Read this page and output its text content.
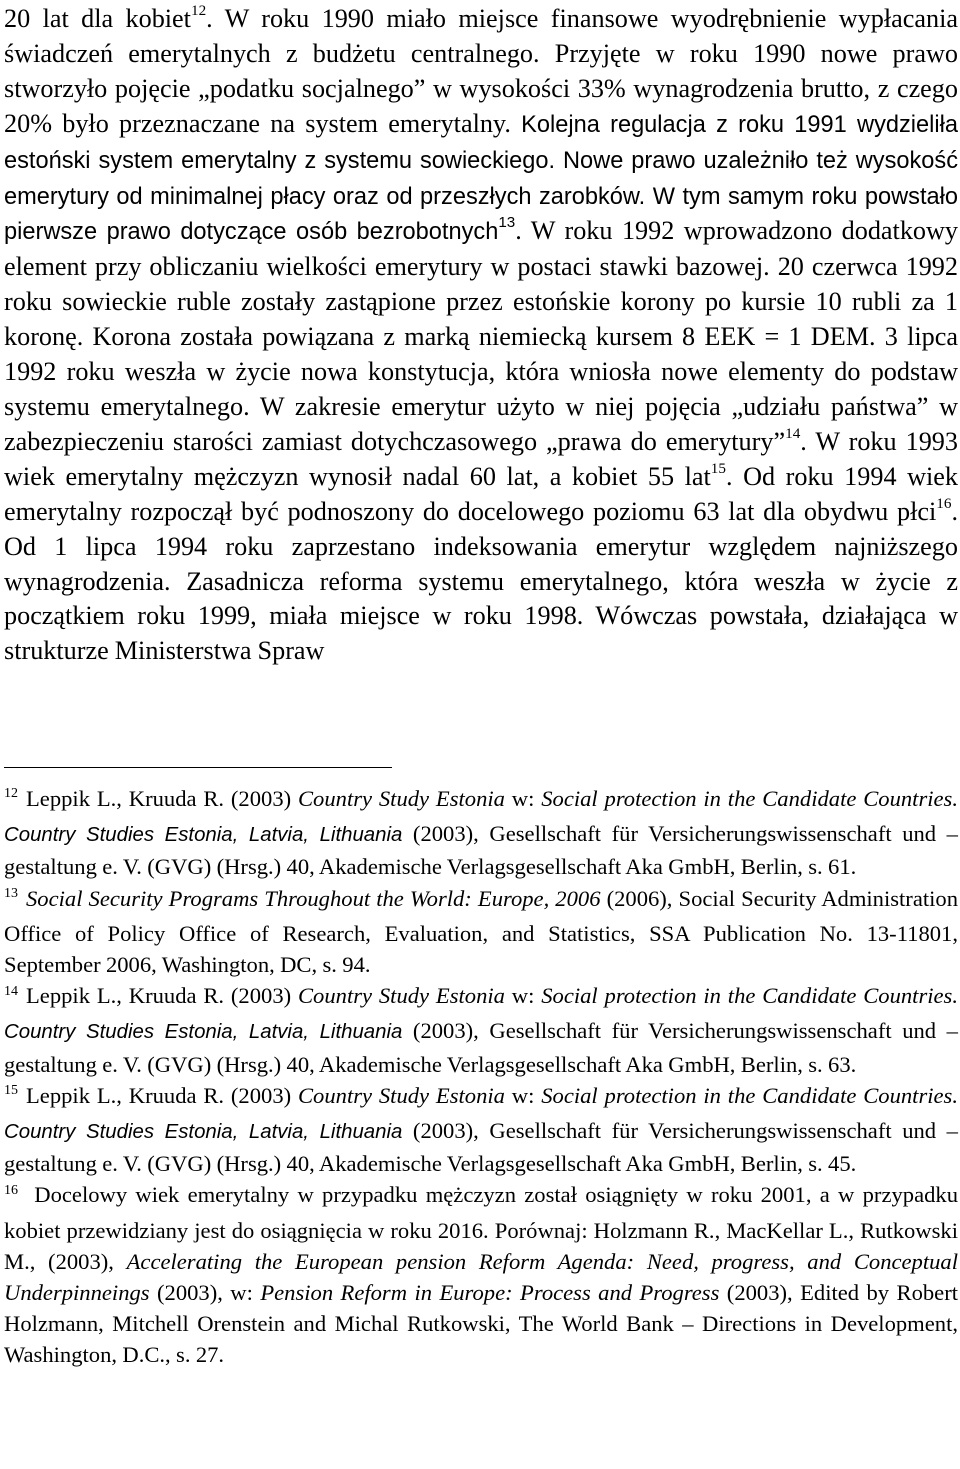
20 lat dla kobiet$^{12}$. W roku 1990 miało miejsce finansowe wyodrębnienie wypłacania świadczeń emerytalnych z budżetu centralnego. Przyjęte w roku 1990 nowe prawo stworzyło pojęcie „podatku socjalnego” w wysokości 33% wynagrodzenia brutto, z czego 20% było przeznaczane na system emerytalny. Kolejna regulacja z roku 1991 wydzieliła estoński system emerytalny z systemu sowieckiego. Nowe prawo uzależniło też wysokość emerytury od minimalnej płacy oraz od przeszłych zarobków. W tym samym roku powstało pierwsze prawo dotyczące osób bezrobotnych$^{13}$. W roku 1992 wprowadzono dodatkowy element przy obliczaniu wielkości emerytury w postaci stawki bazowej. 20 czerwca 1992 roku sowieckie ruble zostały zastąpione przez estońskie korony po kursie 10 rubli za 1 koronę. Korona została powiązana z marką niemiecką kursem 8 EEK = 1 DEM. 3 lipca 1992 roku weszła w życie nowa konstytucja, która wniosła nowe elementy do podstaw systemu emerytalnego. W zakresie emerytur użyto w niej pojęcia „udziału państwa” w zabezpieczeniu starości zamiast dotychczasowego „prawa do emerytury”$^{14}$. W roku 1993 wiek emerytalny mężczyzn wynosił nadal 60 lat, a kobiet 55 lat$^{15}$. Od roku 1994 wiek emerytalny rozpoczął być podnoszony do docelowego poziomu 63 lat dla obydwu płci$^{16}$. Od 1 lipca 1994 roku zaprzestano indeksowania emerytur względem najniższego wynagrodzenia. Zasadnicza reforma systemu emerytalnego, która weszła w życie z początkiem roku 1999, miała miejsce w roku 1998. Wówczas powstała, działająca w strukturze Ministerstwa Spraw

$^{12}$ Leppik L., Kruuda R. (2003) Country Study Estonia w: Social protection in the Candidate Countries. Country Studies Estonia, Latvia, Lithuania (2003), Gesellschaft für Versicherungswissenschaft und – gestaltung e. V. (GVG) (Hrsg.) 40, Akademische Verlagsgesellschaft Aka GmbH, Berlin, s. 61.

$^{13}$ Social Security Programs Throughout the World: Europe, 2006 (2006), Social Security Administration Office of Policy Office of Research, Evaluation, and Statistics, SSA Publication No. 13-11801, September 2006, Washington, DC, s. 94.

$^{14}$ Leppik L., Kruuda R. (2003) Country Study Estonia w: Social protection in the Candidate Countries. Country Studies Estonia, Latvia, Lithuania (2003), Gesellschaft für Versicherungswissenschaft und – gestaltung e. V. (GVG) (Hrsg.) 40, Akademische Verlagsgesellschaft Aka GmbH, Berlin, s. 63.

$^{15}$ Leppik L., Kruuda R. (2003) Country Study Estonia w: Social protection in the Candidate Countries. Country Studies Estonia, Latvia, Lithuania (2003), Gesellschaft für Versicherungswissenschaft und – gestaltung e. V. (GVG) (Hrsg.) 40, Akademische Verlagsgesellschaft Aka GmbH, Berlin, s. 45.

$^{16}$ Docelowy wiek emerytalny w przypadku mężczyzn został osiągnięty w roku 2001, a w przypadku kobiet przewidziany jest do osiągnięcia w roku 2016. Porównaj: Holzmann R., MacKellar L., Rutkowski M., (2003), Accelerating the European pension Reform Agenda: Need, progress, and Conceptual Underpinneings (2003), w: Pension Reform in Europe: Process and Progress (2003), Edited by Robert Holzmann, Mitchell Orenstein and Michal Rutkowski, The World Bank – Directions in Development, Washington, D.C., s. 27.
